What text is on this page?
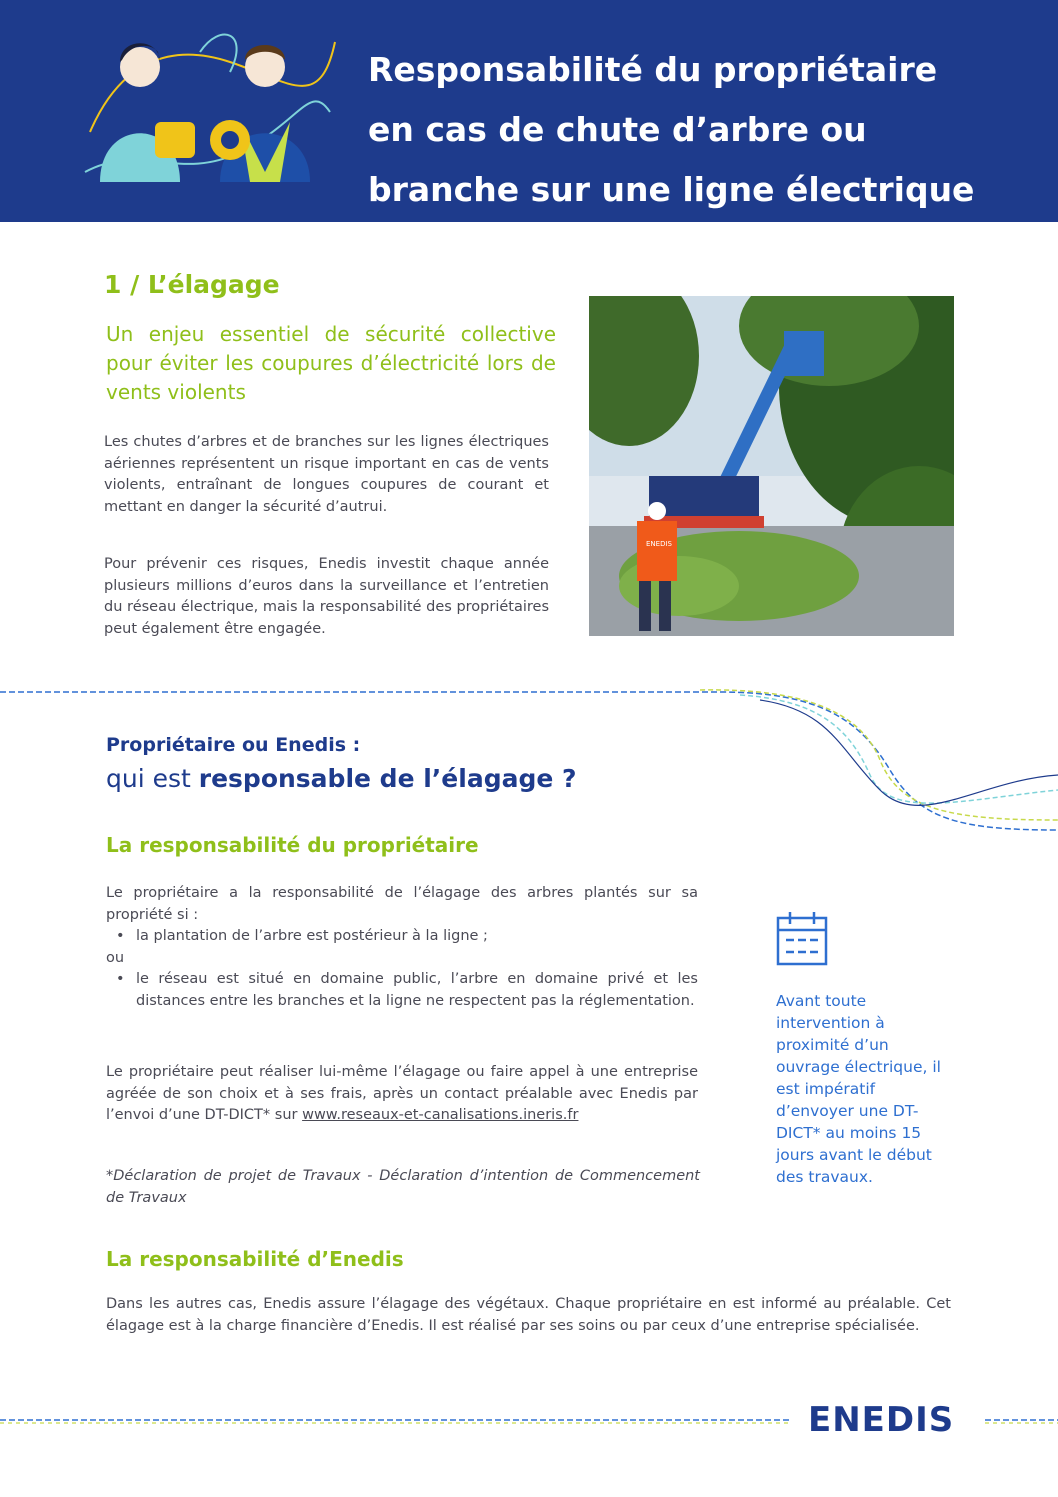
Responsabilité du propriétaire
en cas de chute d’arbre ou
branche sur une ligne électrique
1 / L’élagage

Un enjeu essentiel de sécurité collective pour éviter les coupures d’électricité lors de vents violents

Les chutes d’arbres et de branches sur les lignes électriques aériennes représentent un risque important en cas de vents violents, entraînant de longues coupures de courant et mettant en danger la sécurité d’autrui.

Pour prévenir ces risques, Enedis investit chaque année plusieurs millions d’euros dans la surveillance et l’entretien du réseau électrique, mais la responsabilité des propriétaires peut également être engagée.

ENEDIS

Propriétaire ou Enedis :

qui est responsable de l’élagage ?

La responsabilité du propriétaire
Le propriétaire a la responsabilité de l’élagage des arbres plantés sur sa propriété si :
• la plantation de l’arbre est postérieur à la ligne ;
ou
• le réseau est situé en domaine public, l’arbre en domaine privé et les distances entre les branches et la ligne ne respectent pas la réglementation.

Le propriétaire peut réaliser lui-même l’élagage ou faire appel à une entreprise agréée de son choix et à ses frais, après un contact préalable avec Enedis par l’envoi d’une DT-DICT* sur www.reseaux-et-canalisations.ineris.fr

*Déclaration de projet de Travaux - Déclaration d’intention de Commencement de Travaux

La responsabilité d’Enedis

Dans les autres cas, Enedis assure l’élagage des végétaux. Chaque propriétaire en est informé au préalable. Cet élagage est à la charge financière d’Enedis. Il est réalisé par ses soins ou par ceux d’une entreprise spécialisée.

Avant toute intervention à proximité d’un ouvrage électrique, il est impératif d’envoyer une DT-DICT* au moins 15 jours avant le début des travaux.

ENEDIS
